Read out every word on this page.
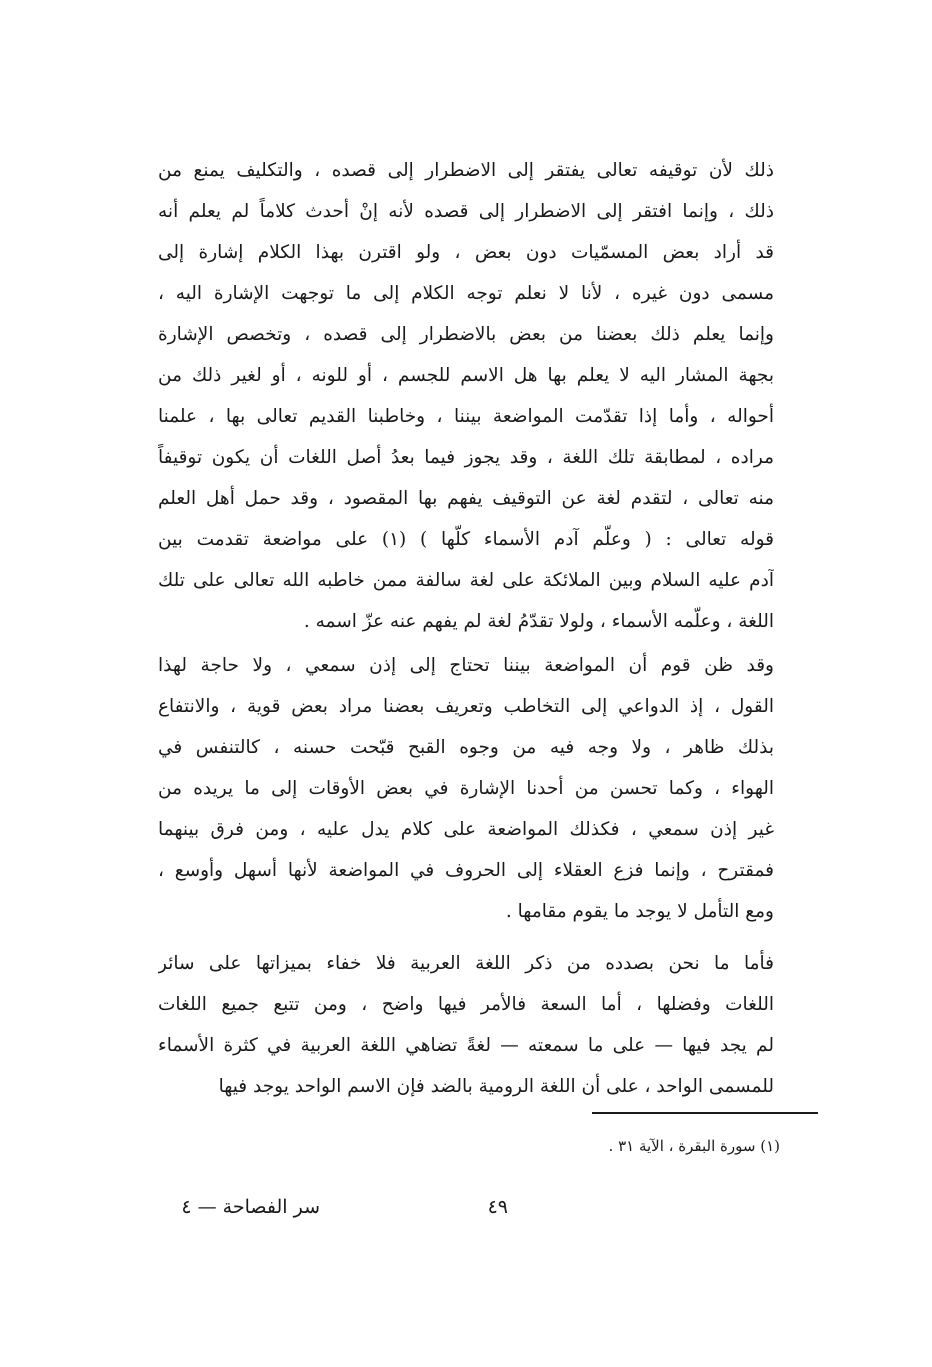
ذلك لأن توقيفه تعالى يفتقر إلى الاضطرار إلى قصده ، والتكليف يمنع من
ذلك ، وإنما افتقر إلى الاضطرار إلى قصده لأنه إنْ أحدث كلاماً لم يعلم أنه
قد أراد بعض المسمّيات دون بعض ، ولو اقترن بهذا الكلام إشارة إلى
مسمى دون غيره ، لأنا لا نعلم توجه الكلام إلى ما توجهت الإشارة اليه ،
وإنما يعلم ذلك بعضنا من بعض بالاضطرار إلى قصده ، وتخصص الإشارة
بجهة المشار اليه لا يعلم بها هل الاسم للجسم ، أو للونه ، أو لغير ذلك من
أحواله ، وأما إذا تقدّمت المواضعة بيننا ، وخاطبنا القديم تعالى بها ، علمنا
مراده ، لمطابقة تلك اللغة ، وقد يجوز فيما بعدُ أصل اللغات أن يكون توقيفاً
منه تعالى ، لتقدم لغة عن التوقيف يفهم بها المقصود ، وقد حمل أهل العلم
قوله تعالى : ( وعلّم آدم الأسماء كلّها ) (١) على مواضعة تقدمت بين
آدم عليه السلام وبين الملائكة على لغة سالفة ممن خاطبه الله تعالى على تلك
اللغة ، وعلّمه الأسماء ، ولولا تقدّمُ لغة لم يفهم عنه عزّ اسمه .
وقد ظن قوم أن المواضعة بيننا تحتاج إلى إذن سمعي ، ولا حاجة لهذا
القول ، إذ الدواعي إلى التخاطب وتعريف بعضنا مراد بعض قوية ، والانتفاع
بذلك ظاهر ، ولا وجه فيه من وجوه القبح قبّحت حسنه ، كالتنفس في
الهواء ، وكما تحسن من أحدنا الإشارة في بعض الأوقات إلى ما يريده من
غير إذن سمعي ، فكذلك المواضعة على كلام يدل عليه ، ومن فرق بينهما
فمقترح ، وإنما فزع العقلاء إلى الحروف في المواضعة لأنها أسهل وأوسع ،
ومع التأمل لا يوجد ما يقوم مقامها .
فأما ما نحن بصدده من ذكر اللغة العربية فلا خفاء بميزاتها على سائر
اللغات وفضلها ، أما السعة فالأمر فيها واضح ، ومن تتبع جميع اللغات
لم يجد فيها — على ما سمعته — لغةً تضاهي اللغة العربية في كثرة الأسماء
للمسمى الواحد ، على أن اللغة الرومية بالضد فإن الاسم الواحد يوجد فيها
(١) سورة البقرة ، الآية ٣١ .
سر الفصاحة — ٤	٤٩
